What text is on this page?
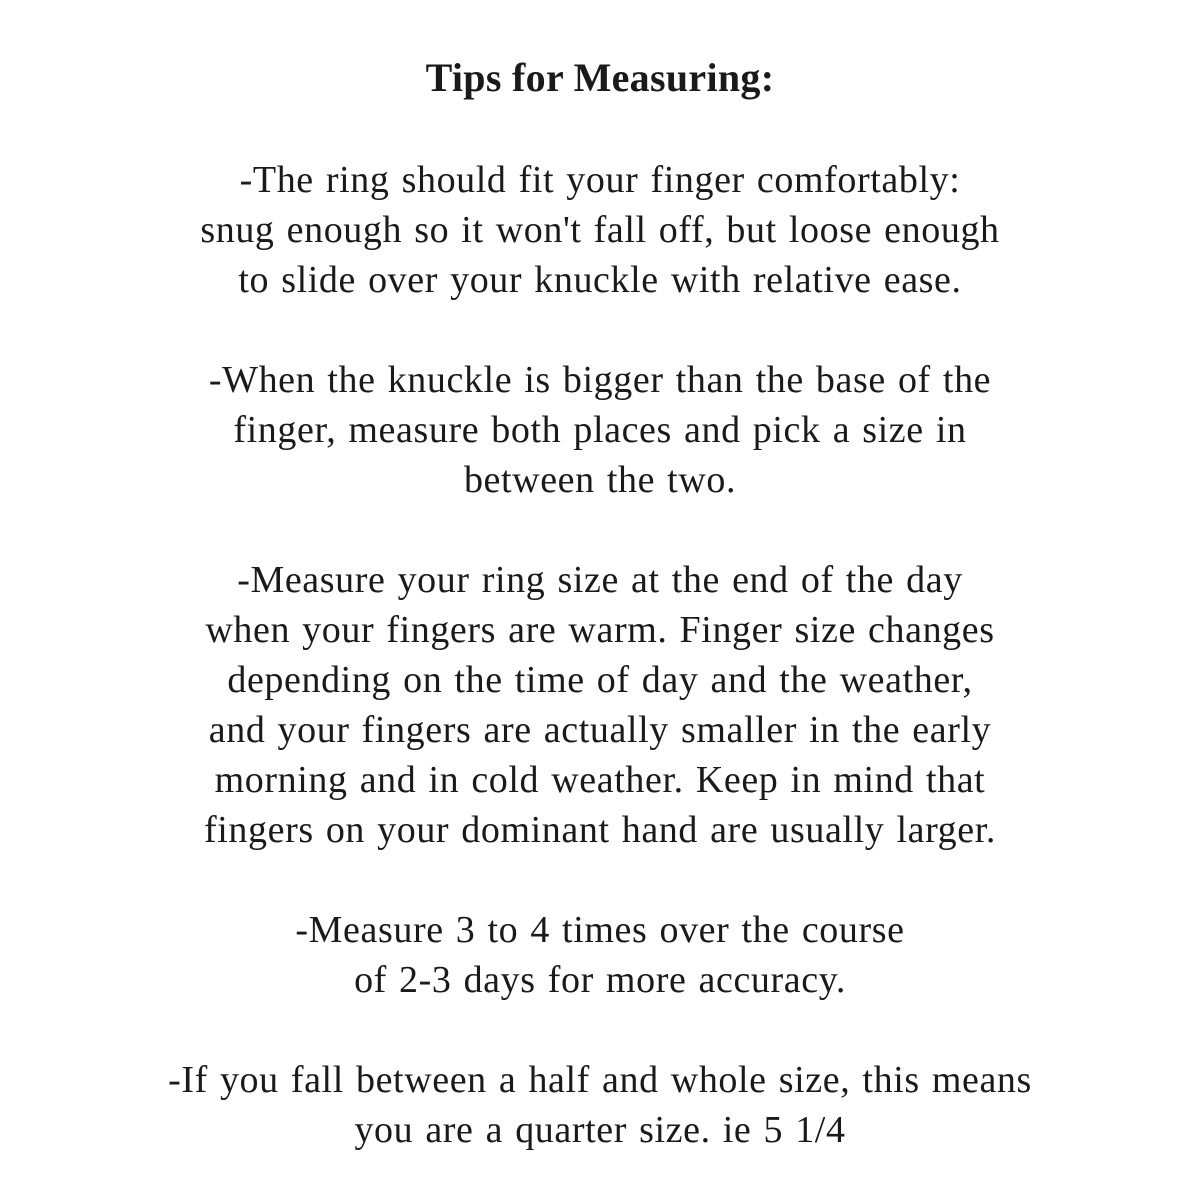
Tips for Measuring:
-The ring should fit your finger comfortably:
snug enough so it won't fall off, but loose enough
to slide over your knuckle with relative ease.
-When the knuckle is bigger than the base of the
finger, measure both places and pick a size in
between the two.
-Measure your ring size at the end of the day
when your fingers are warm. Finger size changes
depending on the time of day and the weather,
and your fingers are actually smaller in the early
morning and in cold weather. Keep in mind that
fingers on your dominant hand are usually larger.
-Measure 3 to 4 times over the course
of 2-3 days for more accuracy.
-If you fall between a half and whole size, this means
you are a quarter size. ie 5 1/4
